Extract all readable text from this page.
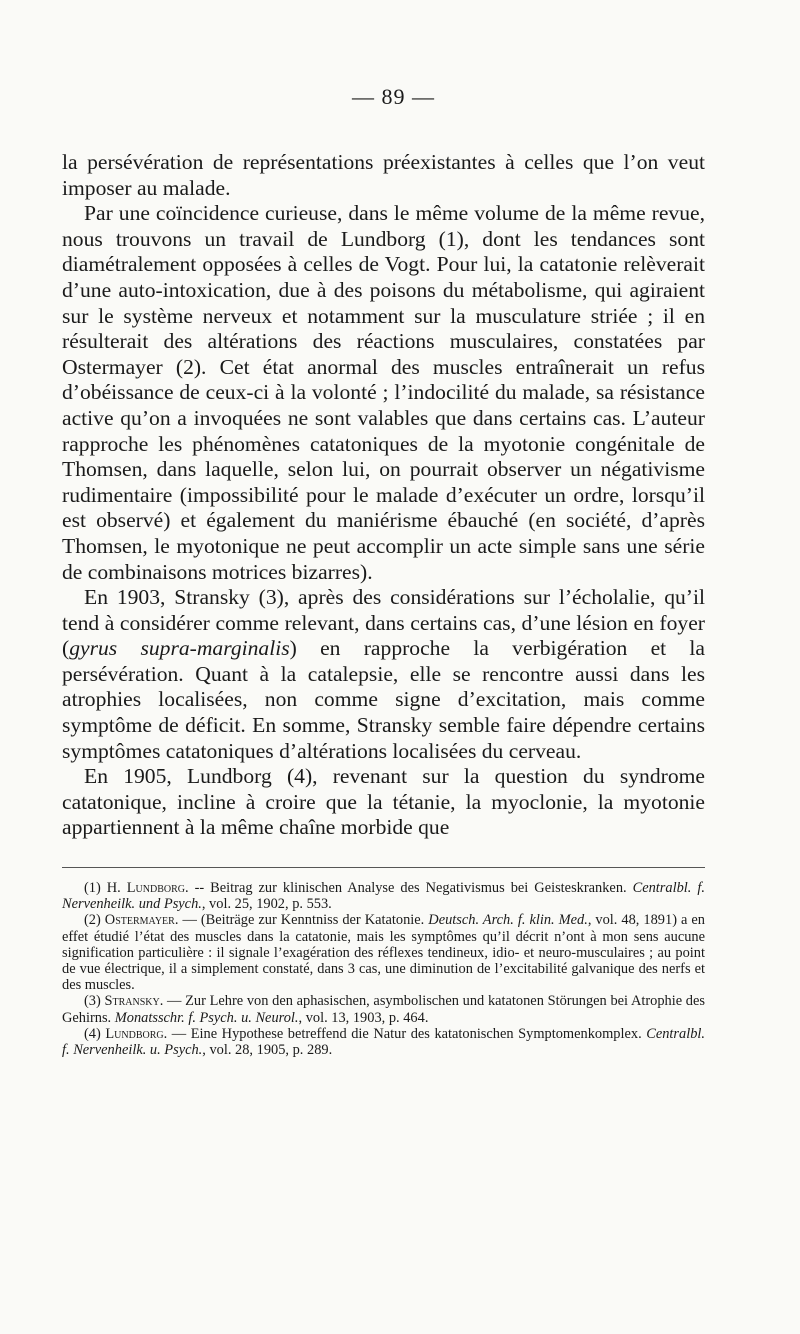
— 89 —

la persévération de représentations préexistantes à celles que l’on veut imposer au malade.

Par une coïncidence curieuse, dans le même volume de la même revue, nous trouvons un travail de Lundborg (1), dont les tendances sont diamétralement opposées à celles de Vogt. Pour lui, la catatonie relèverait d’une auto-intoxication, due à des poisons du métabolisme, qui agiraient sur le système nerveux et notamment sur la musculature striée ; il en résulterait des altérations des réactions musculaires, constatées par Ostermayer (2). Cet état anormal des muscles entraînerait un refus d’obéissance de ceux-ci à la volonté ; l’indocilité du malade, sa résistance active qu’on a invoquées ne sont valables que dans certains cas. L’auteur rapproche les phénomènes catatoniques de la myotonie congénitale de Thomsen, dans laquelle, selon lui, on pourrait observer un négativisme rudimentaire (impossibilité pour le malade d’exécuter un ordre, lorsqu’il est observé) et également du maniérisme ébauché (en société, d’après Thomsen, le myotonique ne peut accomplir un acte simple sans une série de combinaisons motrices bizarres).

En 1903, Stransky (3), après des considérations sur l’écholalie, qu’il tend à considérer comme relevant, dans certains cas, d’une lésion en foyer (gyrus supra-marginalis) en rapproche la verbigération et la persévération. Quant à la catalepsie, elle se rencontre aussi dans les atrophies localisées, non comme signe d’excitation, mais comme symptôme de déficit. En somme, Stransky semble faire dépendre certains symptômes catatoniques d’altérations localisées du cerveau.

En 1905, Lundborg (4), revenant sur la question du syndrome catatonique, incline à croire que la tétanie, la myoclonie, la myotonie appartiennent à la même chaîne morbide que

(1) H. Lundborg. -- Beitrag zur klinischen Analyse des Negativismus bei Geisteskranken. Centralbl. f. Nervenheilk. und Psych., vol. 25, 1902, p. 553.

(2) Ostermayer. — (Beiträge zur Kenntniss der Katatonie. Deutsch. Arch. f. klin. Med., vol. 48, 1891) a en effet étudié l’état des muscles dans la catatonie, mais les symptômes qu’il décrit n’ont à mon sens aucune signification particulière : il signale l’exagération des réflexes tendineux, idio- et neuro-musculaires ; au point de vue électrique, il a simplement constaté, dans 3 cas, une diminution de l’excitabilité galvanique des nerfs et des muscles.

(3) Stransky. — Zur Lehre von den aphasischen, asymbolischen und katatonen Störungen bei Atrophie des Gehirns. Monatsschr. f. Psych. u. Neurol., vol. 13, 1903, p. 464.

(4) Lundborg. — Eine Hypothese betreffend die Natur des katatonischen Symptomenkomplex. Centralbl. f. Nervenheilk. u. Psych., vol. 28, 1905, p. 289.
